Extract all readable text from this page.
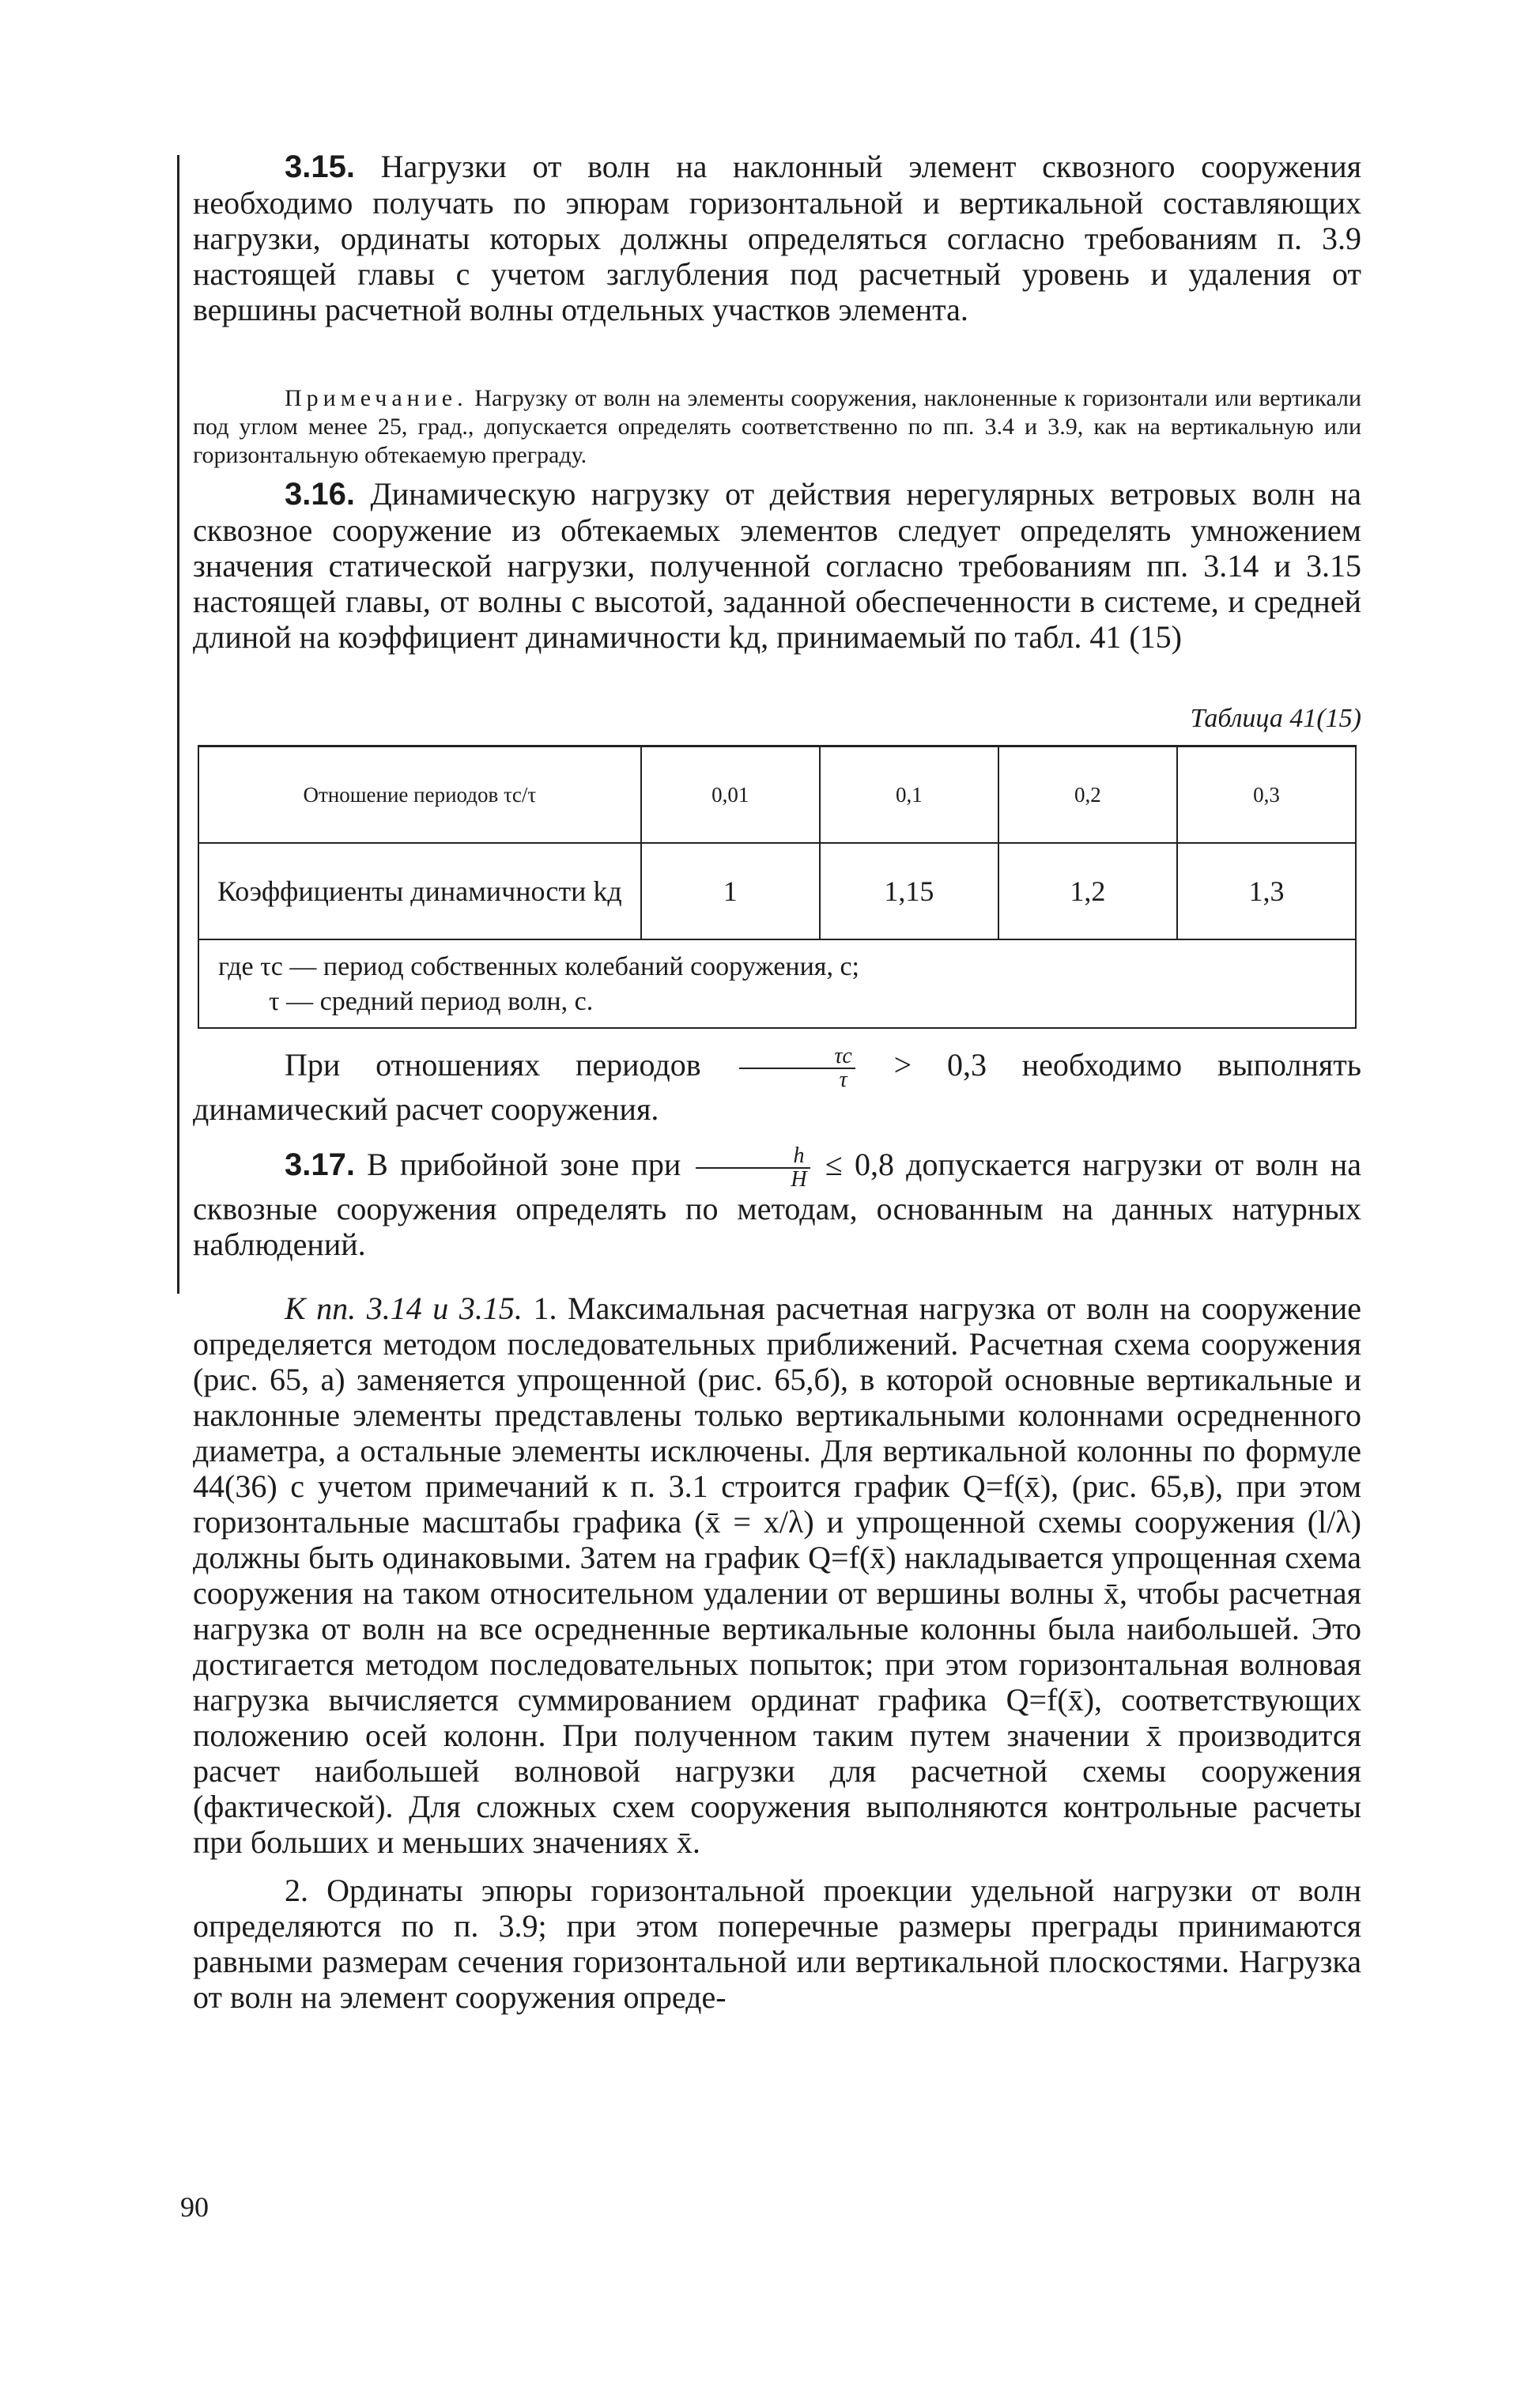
3.15. Нагрузки от волн на наклонный элемент сквозного сооружения необходимо получать по эпюрам горизонтальной и вертикальной составляющих нагрузки, ординаты которых должны определяться согласно требованиям п. 3.9 настоящей главы с учетом заглубления под расчетный уровень и удаления от вершины расчетной волны отдельных участков элемента.

Примечание. Нагрузку от волн на элементы сооружения, наклоненные к горизонтали или вертикали под углом менее 25, град., допускается определять соответственно по пп. 3.4 и 3.9, как на вертикальную или горизонтальную обтекаемую преграду.

3.16. Динамическую нагрузку от действия нерегулярных ветровых волн на сквозное сооружение из обтекаемых элементов следует определять умножением значения статической нагрузки, полученной согласно требованиям пп. 3.14 и 3.15 настоящей главы, от волны с высотой, заданной обеспеченности в системе, и средней длиной на коэффициент динамичности kд, принимаемый по табл. 41 (15)

Таблица 41(15)
Отношение периодов τс/τ	0,01	0,1	0,2	0,3
Коэффициенты динамичности kд	1	1,15	1,2	1,3
где τс — период собственных колебаний сооружения, с;
τ — средний период волн, с.

При отношениях периодов $\frac{\tau с}{\tau} > 0,3$ необходимо выполнять динамический расчет сооружения.

3.17. В прибойной зоне при $\frac{h}{H} \le 0,8$ допускается нагрузки от волн на сквозные сооружения определять по методам, основанным на данных натурных наблюдений.

К пп. 3.14 и 3.15. 1. Максимальная расчетная нагрузка от волн на сооружение определяется методом последовательных приближений. Расчетная схема сооружения (рис. 65, а) заменяется упрощенной (рис. 65,б), в которой основные вертикальные и наклонные элементы представлены только вертикальными колоннами осредненного диаметра, а остальные элементы исключены. Для вертикальной колонны по формуле 44(36) с учетом примечаний к п. 3.1 строится график Q=f(x̄), (рис. 65,в), при этом горизонтальные масштабы графика (x̄ = x/λ) и упрощенной схемы сооружения (l/λ) должны быть одинаковыми. Затем на график Q=f(x̄) накладывается упрощенная схема сооружения на таком относительном удалении от вершины волны x̄, чтобы расчетная нагрузка от волн на все осредненные вертикальные колонны была наибольшей. Это достигается методом последовательных попыток; при этом горизонтальная волновая нагрузка вычисляется суммированием ординат графика Q=f(x̄), соответствующих положению осей колонн. При полученном таким путем значении x̄ производится расчет наибольшей волновой нагрузки для расчетной схемы сооружения (фактической). Для сложных схем сооружения выполняются контрольные расчеты при больших и меньших значениях x̄.

2. Ординаты эпюры горизонтальной проекции удельной нагрузки от волн определяются по п. 3.9; при этом поперечные размеры преграды принимаются равными размерам сечения горизонтальной или вертикальной плоскостями. Нагрузка от волн на элемент сооружения опреде-

90
